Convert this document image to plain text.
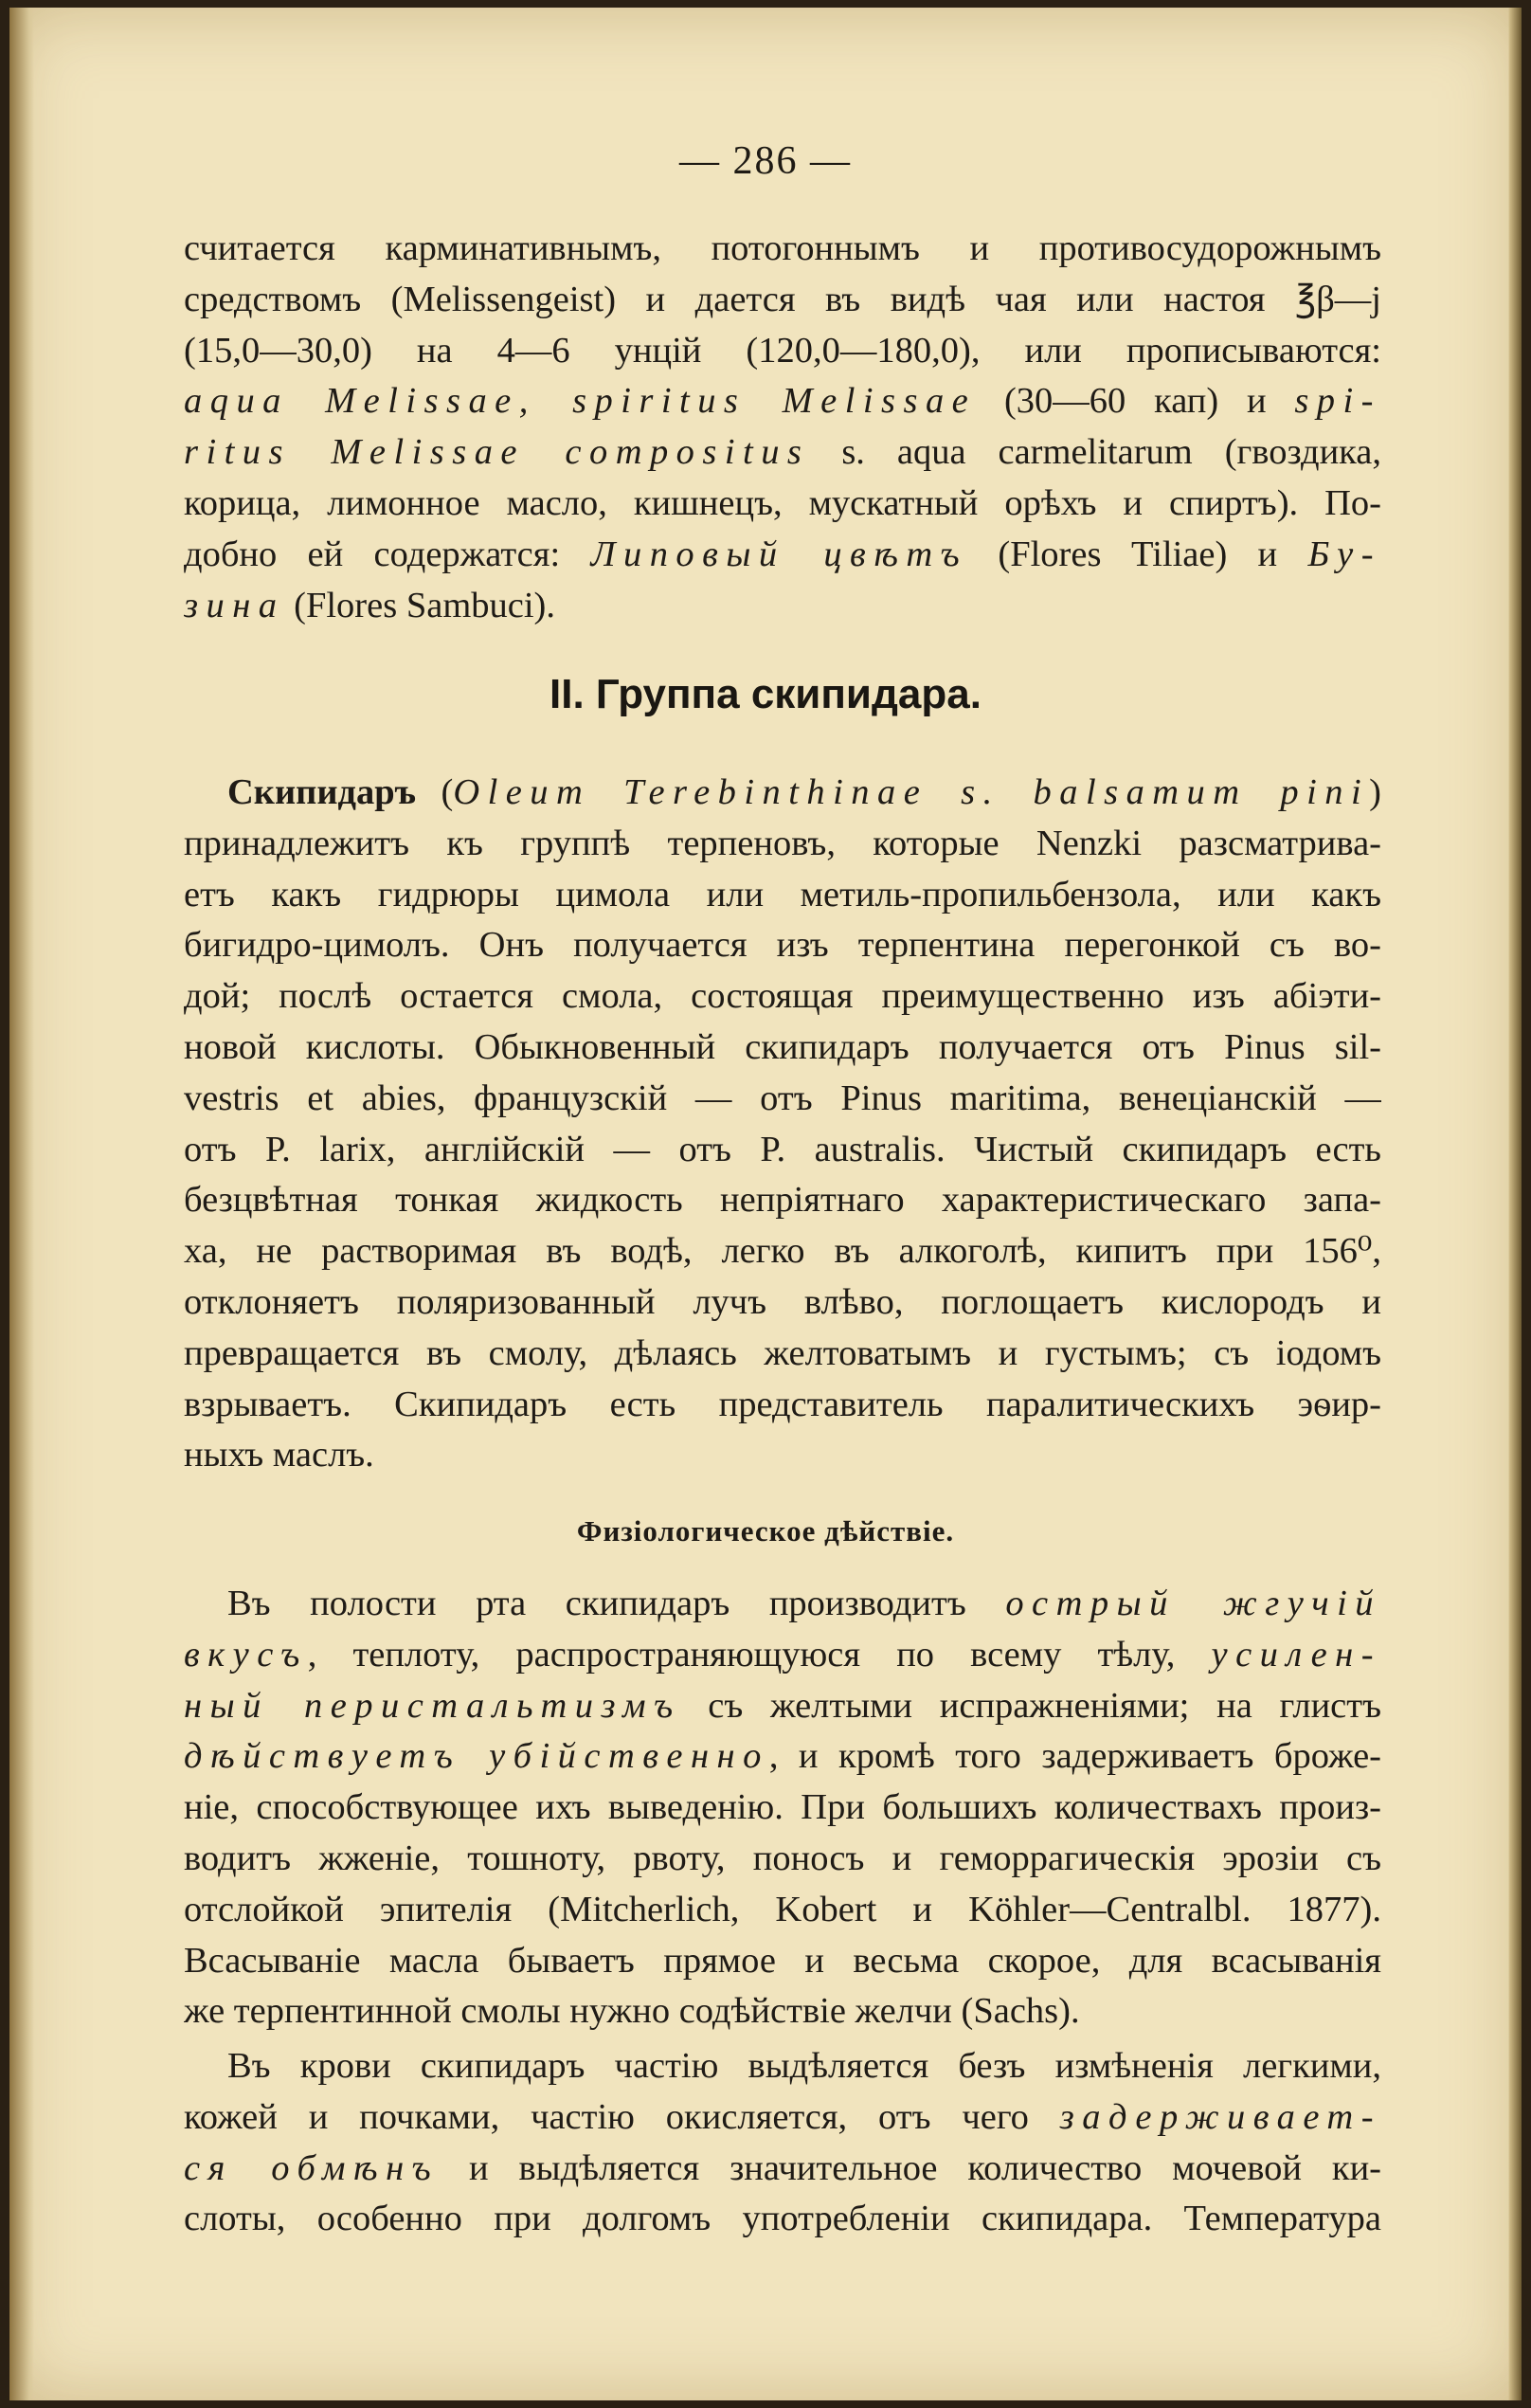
— 286 —
считается карминативнымъ, потогоннымъ и противосудорожнымъ
средствомъ (Melissengeist) и дается въ видѣ чая или настоя ℥β—j
(15,0—30,0) на 4—6 унцій (120,0—180,0), или прописываются:
aqua Melissae, spiritus Melissae (30—60 кап) и spi-
ritus Melissae compositus s. aqua carmelitarum (гвоздика,
корица, лимонное масло, кишнецъ, мускатный орѣхъ и спиртъ). По-
добно ей содержатся: Липовый цвѣтъ (Flores Tiliae) и Бу-
зина (Flores Sambuci).
II. Группа скипидара.
Скипидаръ (Oleum Terebinthinae s. balsamum pini)
принадлежитъ къ группѣ терпеновъ, которые Nenzki разсматрива-
етъ какъ гидрюры цимола или метиль-пропильбензола, или какъ
бигидро-цимолъ. Онъ получается изъ терпентина перегонкой съ во-
дой; послѣ остается смола, состоящая преимущественно изъ абіэти-
новой кислоты. Обыкновенный скипидаръ получается отъ Pinus sil-
vestris et abies, французскій — отъ Pinus maritima, венеціанскій —
отъ P. larix, англійскій — отъ P. australis. Чистый скипидаръ есть
безцвѣтная тонкая жидкость непріятнаго характеристическаго запа-
ха, не растворимая въ водѣ, легко въ алкоголѣ, кипитъ при 156⁰,
отклоняетъ поляризованный лучъ влѣво, поглощаетъ кислородъ и
превращается въ смолу, дѣлаясь желтоватымъ и густымъ; съ іодомъ
взрываетъ. Скипидаръ есть представитель паралитическихъ эѳир-
ныхъ маслъ.
Физіологическое дѣйствіе.
Въ полости рта скипидаръ производитъ острый жгучій
вкусъ, теплоту, распространяющуюся по всему тѣлу, усилен-
ный перистальтизмъ съ желтыми испражненіями; на глистъ
дѣйствуетъ убійственно, и кромѣ того задерживаетъ броже-
ніе, способствующее ихъ выведенію. При большихъ количествахъ произ-
водитъ жженіе, тошноту, рвоту, поносъ и геморрагическія эрозіи съ
отслойкой эпителія (Mitcherlich, Kobert и Köhler—Centralbl. 1877).
Всасываніе масла бываетъ прямое и весьма скорое, для всасыванія
же терпентинной смолы нужно содѣйствіе желчи (Sachs).
Въ крови скипидаръ частію выдѣляется безъ измѣненія легкими,
кожей и почками, частію окисляется, отъ чего задерживает-
ся обмѣнъ и выдѣляется значительное количество мочевой ки-
слоты, особенно при долгомъ употребленіи скипидара. Температура
